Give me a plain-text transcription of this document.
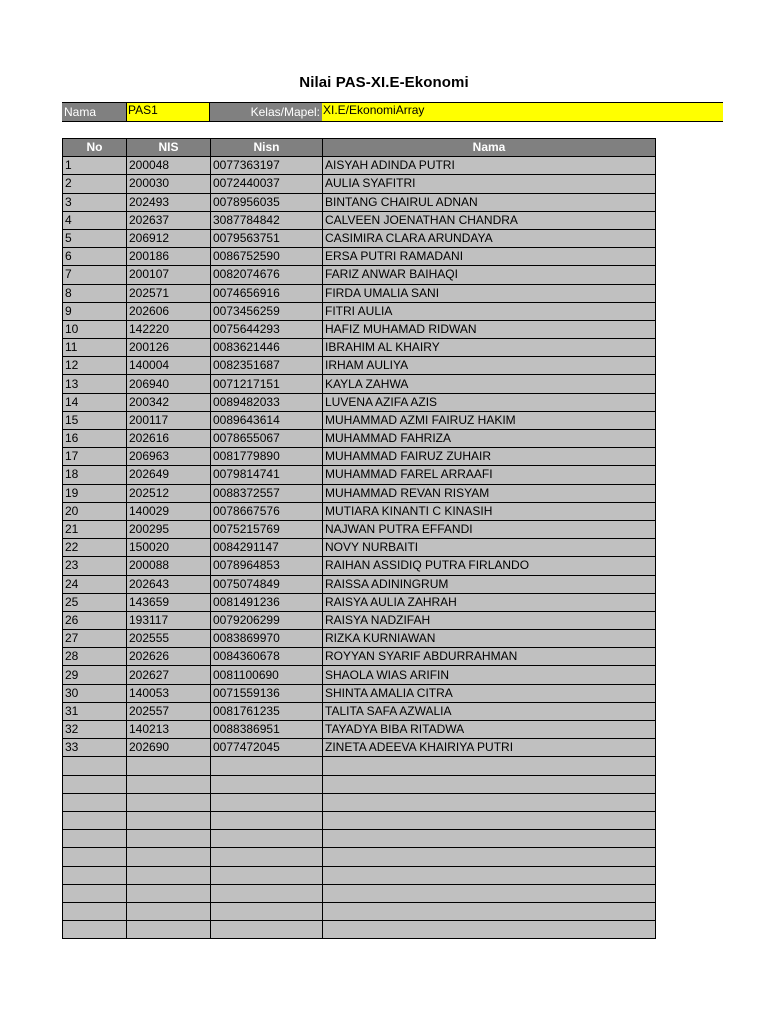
Nilai PAS-XI.E-Ekonomi
Nama	PAS1	Kelas/Mapel: XI.E/EkonomiArray
No	NIS	Nisn	Nama
1	200048	0077363197	AISYAH ADINDA PUTRI
2	200030	0072440037	AULIA SYAFITRI
3	202493	0078956035	BINTANG CHAIRUL ADNAN
4	202637	3087784842	CALVEEN JOENATHAN CHANDRA
5	206912	0079563751	CASIMIRA CLARA ARUNDAYA
6	200186	0086752590	ERSA PUTRI RAMADANI
7	200107	0082074676	FARIZ ANWAR BAIHAQI
8	202571	0074656916	FIRDA UMALIA SANI
9	202606	0073456259	FITRI AULIA
10	142220	0075644293	HAFIZ MUHAMAD RIDWAN
11	200126	0083621446	IBRAHIM AL KHAIRY
12	140004	0082351687	IRHAM AULIYA
13	206940	0071217151	KAYLA ZAHWA
14	200342	0089482033	LUVENA AZIFA AZIS
15	200117	0089643614	MUHAMMAD AZMI FAIRUZ HAKIM
16	202616	0078655067	MUHAMMAD FAHRIZA
17	206963	0081779890	MUHAMMAD FAIRUZ ZUHAIR
18	202649	0079814741	MUHAMMAD FAREL ARRAAFI
19	202512	0088372557	MUHAMMAD REVAN RISYAM
20	140029	0078667576	MUTIARA KINANTI C KINASIH
21	200295	0075215769	NAJWAN PUTRA EFFANDI
22	150020	0084291147	NOVY NURBAITI
23	200088	0078964853	RAIHAN ASSIDIQ PUTRA FIRLANDO
24	202643	0075074849	RAISSA ADININGRUM
25	143659	0081491236	RAISYA AULIA ZAHRAH
26	193117	0079206299	RAISYA NADZIFAH
27	202555	0083869970	RIZKA KURNIAWAN
28	202626	0084360678	ROYYAN SYARIF ABDURRAHMAN
29	202627	0081100690	SHAOLA WIAS ARIFIN
30	140053	0071559136	SHINTA AMALIA CITRA
31	202557	0081761235	TALITA SAFA AZWALIA
32	140213	0088386951	TAYADYA BIBA RITADWA
33	202690	0077472045	ZINETA ADEEVA KHAIRIYA PUTRI
